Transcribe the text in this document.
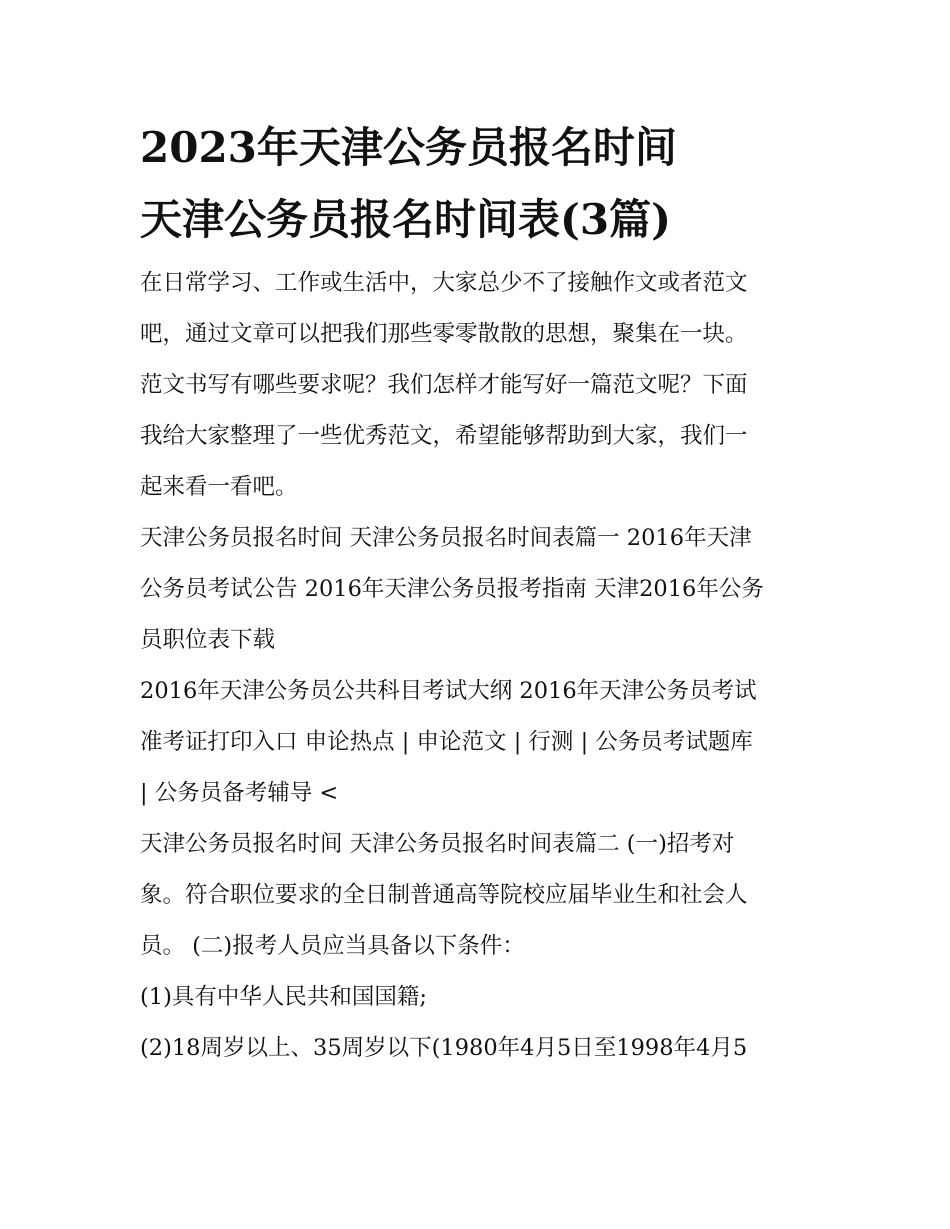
2023年天津公务员报名时间
天津公务员报名时间表(3篇)

在日常学习、工作或生活中，大家总少不了接触作文或者范文
吧，通过文章可以把我们那些零零散散的思想，聚集在一块。
范文书写有哪些要求呢？我们怎样才能写好一篇范文呢？下面
我给大家整理了一些优秀范文，希望能够帮助到大家，我们一
起来看一看吧。

天津公务员报名时间 天津公务员报名时间表篇一 2016年天津
公务员考试公告 2016年天津公务员报考指南 天津2016年公务
员职位表下载

2016年天津公务员公共科目考试大纲 2016年天津公务员考试
准考证打印入口 申论热点 | 申论范文 | 行测 | 公务员考试题库
| 公务员备考辅导 <

天津公务员报名时间 天津公务员报名时间表篇二 (一)招考对
象。符合职位要求的全日制普通高等院校应届毕业生和社会人
员。 (二)报考人员应当具备以下条件：

(1)具有中华人民共和国国籍;

(2)18周岁以上、35周岁以下(1980年4月5日至1998年4月5
